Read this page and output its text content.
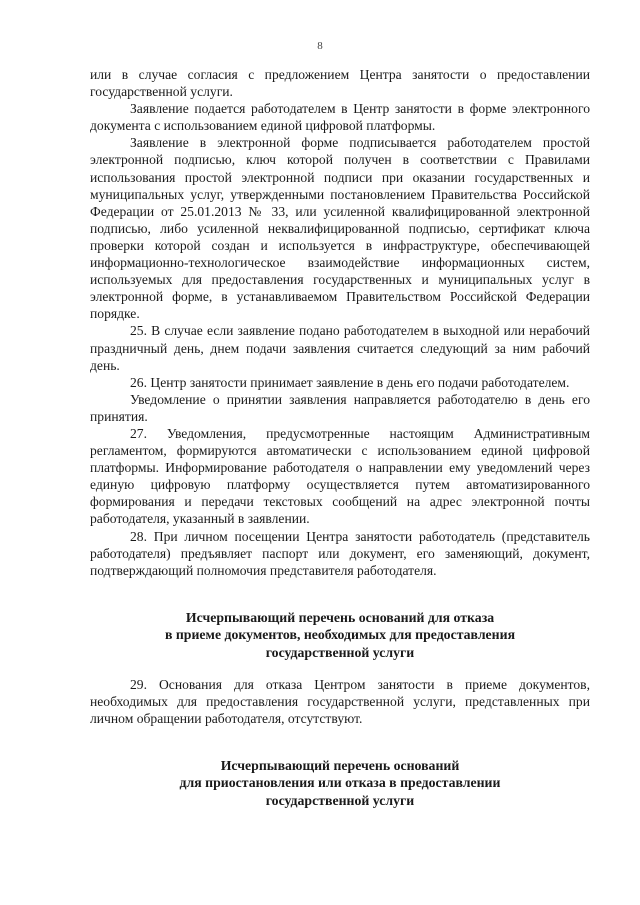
8

или в случае согласия с предложением Центра занятости о предоставлении государственной услуги.

Заявление подается работодателем в Центр занятости в форме электронного документа с использованием единой цифровой платформы.

Заявление в электронной форме подписывается работодателем простой электронной подписью, ключ которой получен в соответствии с Правилами использования простой электронной подписи при оказании государственных и муниципальных услуг, утвержденными постановлением Правительства Российской Федерации от 25.01.2013 № 33, или усиленной квалифицированной электронной подписью, либо усиленной неквалифицированной подписью, сертификат ключа проверки которой создан и используется в инфраструктуре, обеспечивающей информационно-технологическое взаимодействие информационных систем, используемых для предоставления государственных и муниципальных услуг в электронной форме, в устанавливаемом Правительством Российской Федерации порядке.

25. В случае если заявление подано работодателем в выходной или нерабочий праздничный день, днем подачи заявления считается следующий за ним рабочий день.

26. Центр занятости принимает заявление в день его подачи работодателем.

Уведомление о принятии заявления направляется работодателю в день его принятия.

27. Уведомления, предусмотренные настоящим Административным регламентом, формируются автоматически с использованием единой цифровой платформы. Информирование работодателя о направлении ему уведомлений через единую цифровую платформу осуществляется путем автоматизированного формирования и передачи текстовых сообщений на адрес электронной почты работодателя, указанный в заявлении.

28. При личном посещении Центра занятости работодатель (представитель работодателя) предъявляет паспорт или документ, его заменяющий, документ, подтверждающий полномочия представителя работодателя.

Исчерпывающий перечень оснований для отказа

в приеме документов, необходимых для предоставления

государственной услуги

29. Основания для отказа Центром занятости в приеме документов, необходимых для предоставления государственной услуги, представленных при личном обращении работодателя, отсутствуют.

Исчерпывающий перечень оснований

для приостановления или отказа в предоставлении

государственной услуги
